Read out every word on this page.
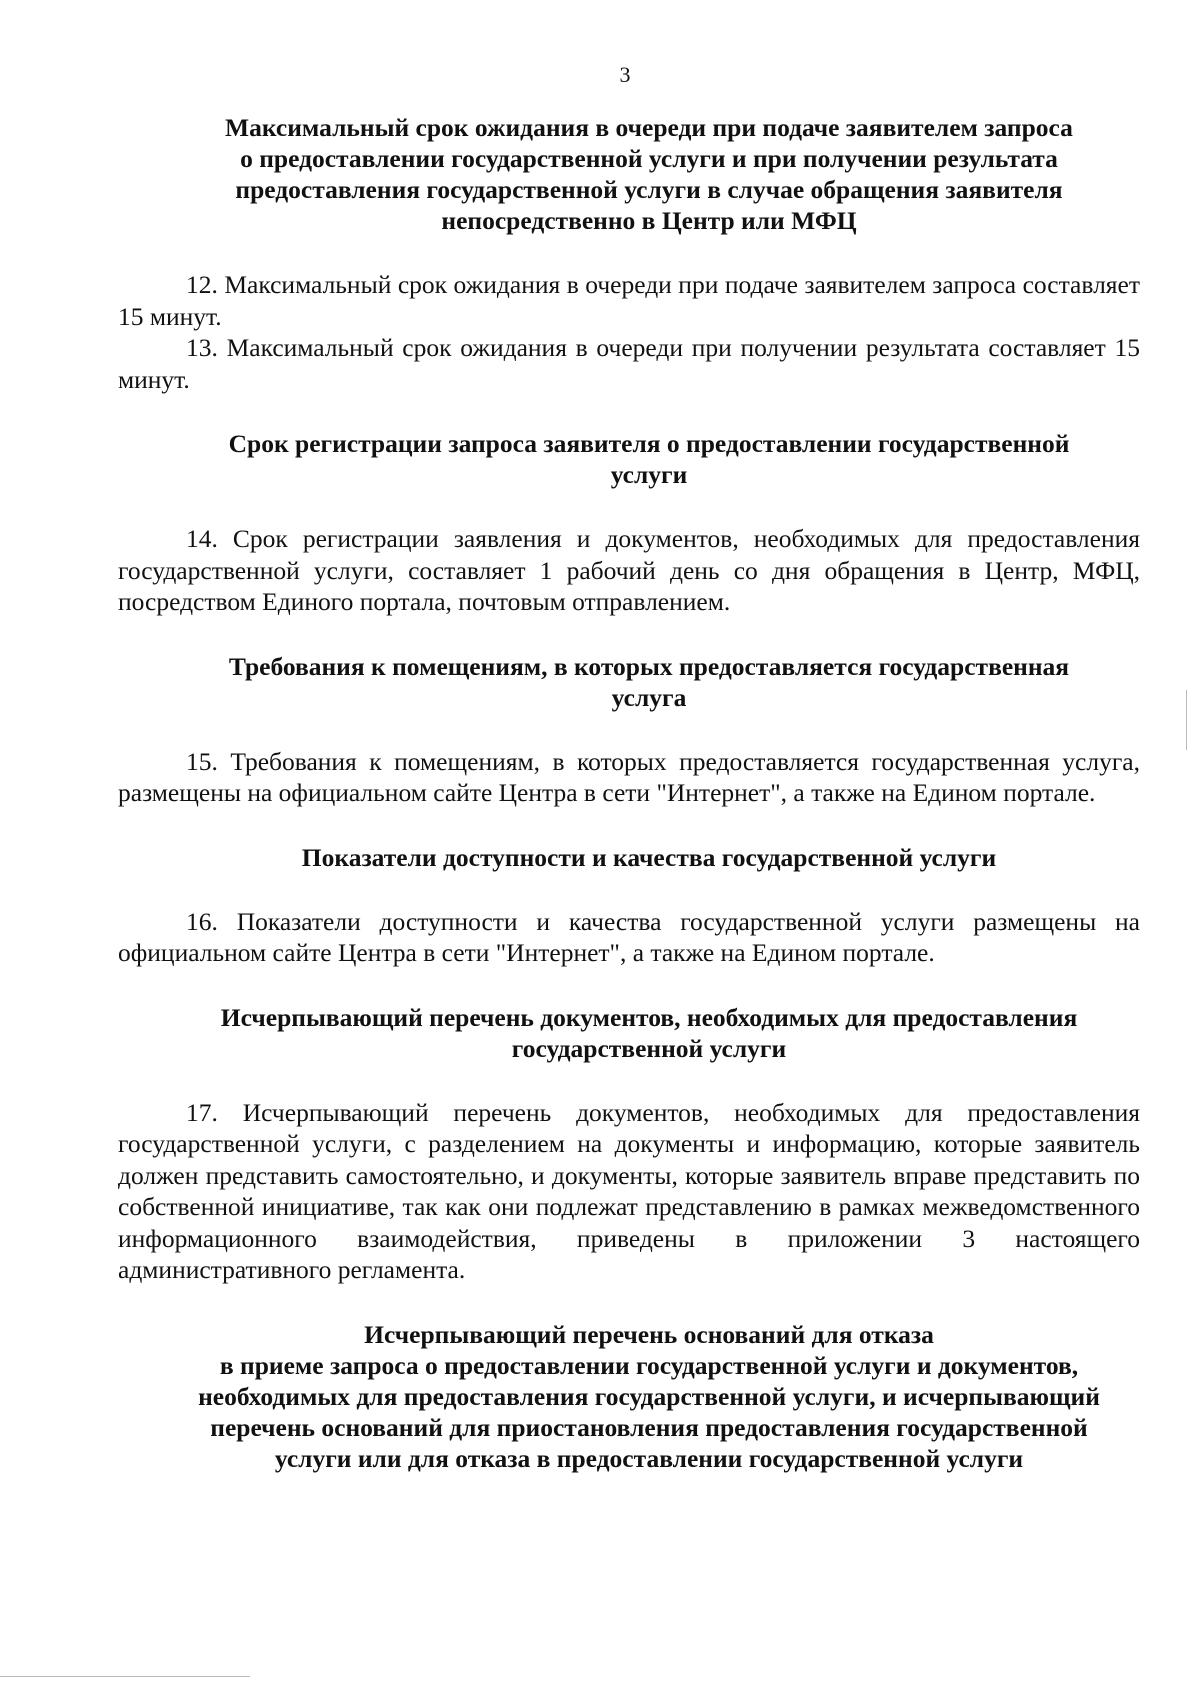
3
Максимальный срок ожидания в очереди при подаче заявителем запроса
о предоставлении государственной услуги и при получении результата
предоставления государственной услуги в случае обращения заявителя
непосредственно в Центр или МФЦ

12. Максимальный срок ожидания в очереди при подаче заявителем запроса составляет 15 минут.

13. Максимальный срок ожидания в очереди при получении результата составляет 15 минут.

Срок регистрации запроса заявителя о предоставлении государственной
услуги

14. Срок регистрации заявления и документов, необходимых для предоставления государственной услуги, составляет 1 рабочий день со дня обращения в Центр, МФЦ, посредством Единого портала, почтовым отправлением.

Требования к помещениям, в которых предоставляется государственная
услуга

15. Требования к помещениям, в которых предоставляется государственная услуга, размещены на официальном сайте Центра в сети "Интернет", а также на Едином портале.

Показатели доступности и качества государственной услуги

16. Показатели доступности и качества государственной услуги размещены на официальном сайте Центра в сети "Интернет", а также на Едином портале.

Исчерпывающий перечень документов, необходимых для предоставления
государственной услуги

17. Исчерпывающий перечень документов, необходимых для предоставления государственной услуги, с разделением на документы и информацию, которые заявитель должен представить самостоятельно, и документы, которые заявитель вправе представить по собственной инициативе, так как они подлежат представлению в рамках межведомственного информационного взаимодействия, приведены в приложении 3 настоящего административного регламента.

Исчерпывающий перечень оснований для отказа
в приеме запроса о предоставлении государственной услуги и документов,
необходимых для предоставления государственной услуги, и исчерпывающий
перечень оснований для приостановления предоставления государственной
услуги или для отказа в предоставлении государственной услуги
